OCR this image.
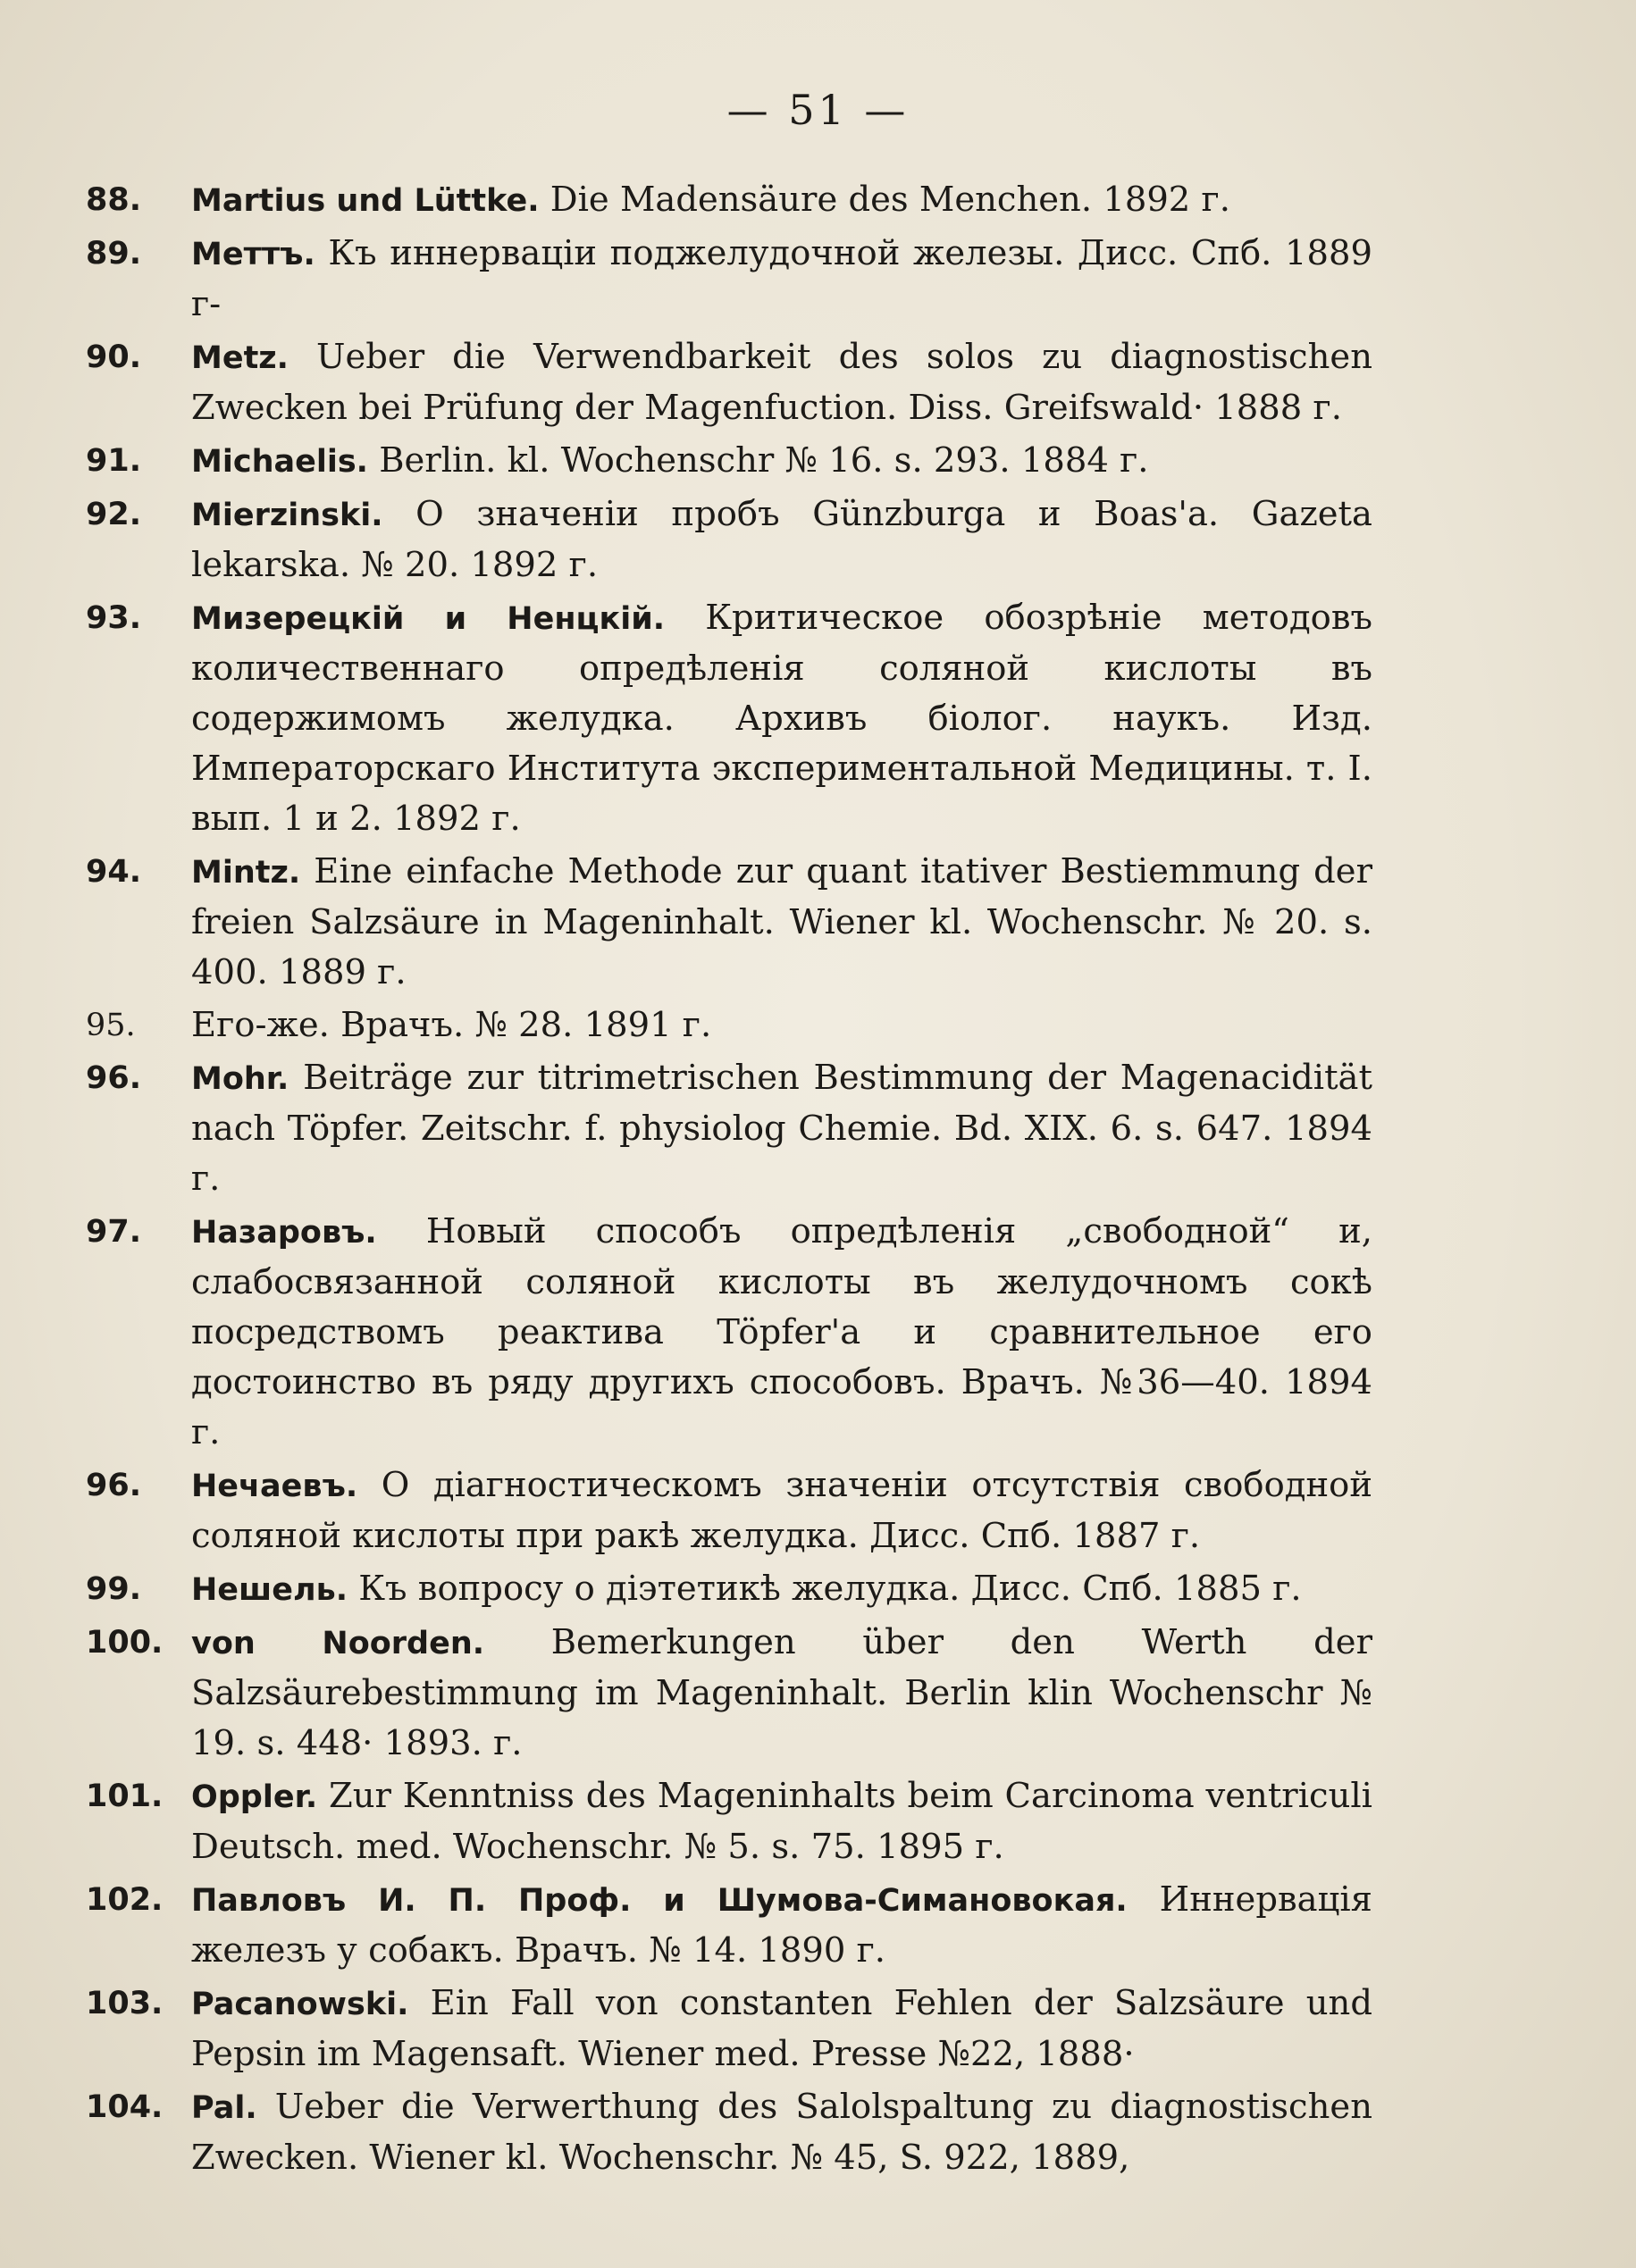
— 51 —
88.	Martius und Lüttke. Die Madensäure des Menchen. 1892 г.
89.	Меттъ. Къ иннерваціи поджелудочной железы. Дисс. Спб. 1889 г-
90.	Metz. Ueber die Verwendbarkeit des solos zu diagnostischen Zwecken bei Prüfung der Magenfuction. Diss. Greifswald· 1888 г.
91.	Michaelis. Berlin. kl. Wochenschr № 16. s. 293. 1884 г.
92.	Mierzinski. О значеніи пробъ Günzburga и Boas'a. Gazeta lekarska. № 20. 1892 г.
93.	Мизерецкій и Ненцкій. Критическое обозрѣніе методовъ количественнаго опредѣленія соляной кислоты въ содержимомъ желудка. Архивъ біолог. наукъ. Изд. Императорскаго Института экспериментальной Медицины. т. I. вып. 1 и 2. 1892 г.
94.	Mintz. Eine einfache Methode zur quant itativer Bestiemmung der freien Salzsäure in Mageninhalt. Wiener kl. Wochenschr. № 20. s. 400. 1889 г.
95.	Его-же. Врачъ. № 28. 1891 г.
96.	Mohr. Beiträge zur titrimetrischen Bestimmung der Magenacidität nach Töpfer. Zeitschr. f. physiolog Chemie. Bd. XIX. 6. s. 647. 1894 г.
97.	Назаровъ. Новый способъ опредѣленія „свободной“ и, слабосвязанной соляной кислоты въ желудочномъ сокѣ посредствомъ реактива Töpfer'a и сравнительное его достоинство въ ряду другихъ способовъ. Врачъ. №36—40. 1894 г.
96.	Нечаевъ. О діагностическомъ значеніи отсутствія свободной соляной кислоты при ракѣ желудка. Дисс. Спб. 1887 г.
99.	Нешель. Къ вопросу о діэтетикѣ желудка. Дисс. Спб. 1885 г.
100. von Noorden. Bemerkungen über den Werth der Salzsäurebestimmung im Mageninhalt. Berlin klin Wochenschr № 19. s. 448· 1893. г.
101. Oppler. Zur Kenntniss des Mageninhalts beim Carcinoma ventriculi Deutsch. med. Wochenschr. № 5. s. 75. 1895 г.
102. Павловъ И. П. Проф. и Шумова-Симановокая. Иннервація железъ у собакъ. Врачъ. № 14. 1890 г.
103. Pacanowski. Ein Fall von constanten Fehlen der Salzsäure und Pepsin im Magensaft. Wiener med. Presse №22, 1888·
104. Pal. Ueber die Verwerthung des Salolspaltung zu diagnostischen Zwecken. Wiener kl. Wochenschr. № 45, S. 922, 1889,
